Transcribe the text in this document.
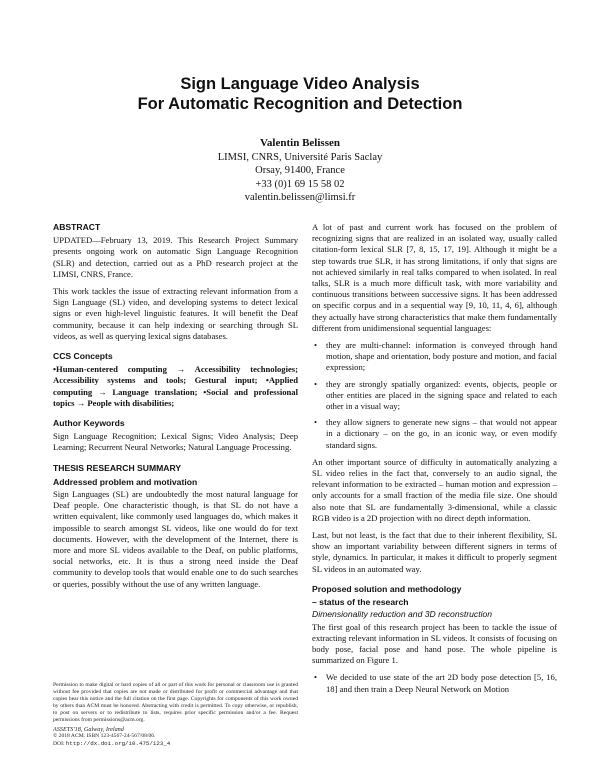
Sign Language Video Analysis
For Automatic Recognition and Detection
Valentin Belissen
LIMSI, CNRS, Université Paris Saclay
Orsay, 91400, France
+33 (0)1 69 15 58 02
valentin.belissen@limsi.fr
ABSTRACT

UPDATED—February 13, 2019. This Research Project Summary presents ongoing work on automatic Sign Language Recognition (SLR) and detection, carried out as a PhD research project at the LIMSI, CNRS, France.

This work tackles the issue of extracting relevant information from a Sign Language (SL) video, and developing systems to detect lexical signs or even high-level linguistic features. It will benefit the Deaf community, because it can help indexing or searching through SL videos, as well as querying lexical signs databases.

CCS Concepts

•Human-centered computing → Accessibility technologies; Accessibility systems and tools; Gestural input; •Applied computing → Language translation; •Social and professional topics → People with disabilities;

Author Keywords

Sign Language Recognition; Lexical Signs; Video Analysis; Deep Learning; Recurrent Neural Networks; Natural Language Processing.

THESIS RESEARCH SUMMARY
Addressed problem and motivation

Sign Languages (SL) are undoubtedly the most natural language for Deaf people. One characteristic though, is that SL do not have a written equivalent, like commonly used languages do, which makes it impossible to search amongst SL videos, like one would do for text documents. However, with the development of the Internet, there is more and more SL videos available to the Deaf, on public platforms, social networks, etc. It is thus a strong need inside the Deaf community to develop tools that would enable one to do such searches or queries, possibly without the use of any written language.

Permission to make digital or hard copies of all or part of this work for personal or classroom use is granted without fee provided that copies are not made or distributed for profit or commercial advantage and that copies bear this notice and the full citation on the first page. Copyrights for components of this work owned by others than ACM must be honored. Abstracting with credit is permitted. To copy otherwise, or republish, to post on servers or to redistribute to lists, requires prior specific permission and/or a fee. Request permissions from permissions@acm.org.

ASSETS'18, Galway, Ireland
© 2018 ACM. ISBN 123-4567-24-567/08/06.
DOI: http://dx.doi.org/10.475/123_4

A lot of past and current work has focused on the problem of recognizing signs that are realized in an isolated way, usually called citation-form lexical SLR [7, 8, 15, 17, 19]. Although it might be a step towards true SLR, it has strong limitations, if only that signs are not achieved similarly in real talks compared to when isolated. In real talks, SLR is a much more difficult task, with more variability and continuous transitions between successive signs. It has been addressed on specific corpus and in a sequential way [9, 10, 11, 4, 6], although they actually have strong characteristics that make them fundamentally different from unidimensional sequential languages:

• they are multi-channel: information is conveyed through hand motion, shape and orientation, body posture and motion, and facial expression;
• they are strongly spatially organized: events, objects, people or other entities are placed in the signing space and related to each other in a visual way;
• they allow signers to generate new signs – that would not appear in a dictionary – on the go, in an iconic way, or even modify standard signs.

An other important source of difficulty in automatically analyzing a SL video relies in the fact that, conversely to an audio signal, the relevant information to be extracted – human motion and expression – only accounts for a small fraction of the media file size. One should also note that SL are fundamentally 3-dimensional, while a classic RGB video is a 2D projection with no direct depth information.

Last, but not least, is the fact that due to their inherent flexibility, SL show an important variability between different signers in terms of style, dynamics. In particular, it makes it difficult to properly segment SL videos in an automated way.

Proposed solution and methodology
– status of the research
Dimensionality reduction and 3D reconstruction

The first goal of this research project has been to tackle the issue of extracting relevant information in SL videos. It consists of focusing on body pose, facial pose and hand pose. The whole pipeline is summarized on Figure 1.

• We decided to use state of the art 2D body pose detection [5, 16, 18] and then train a Deep Neural Network on Motion
